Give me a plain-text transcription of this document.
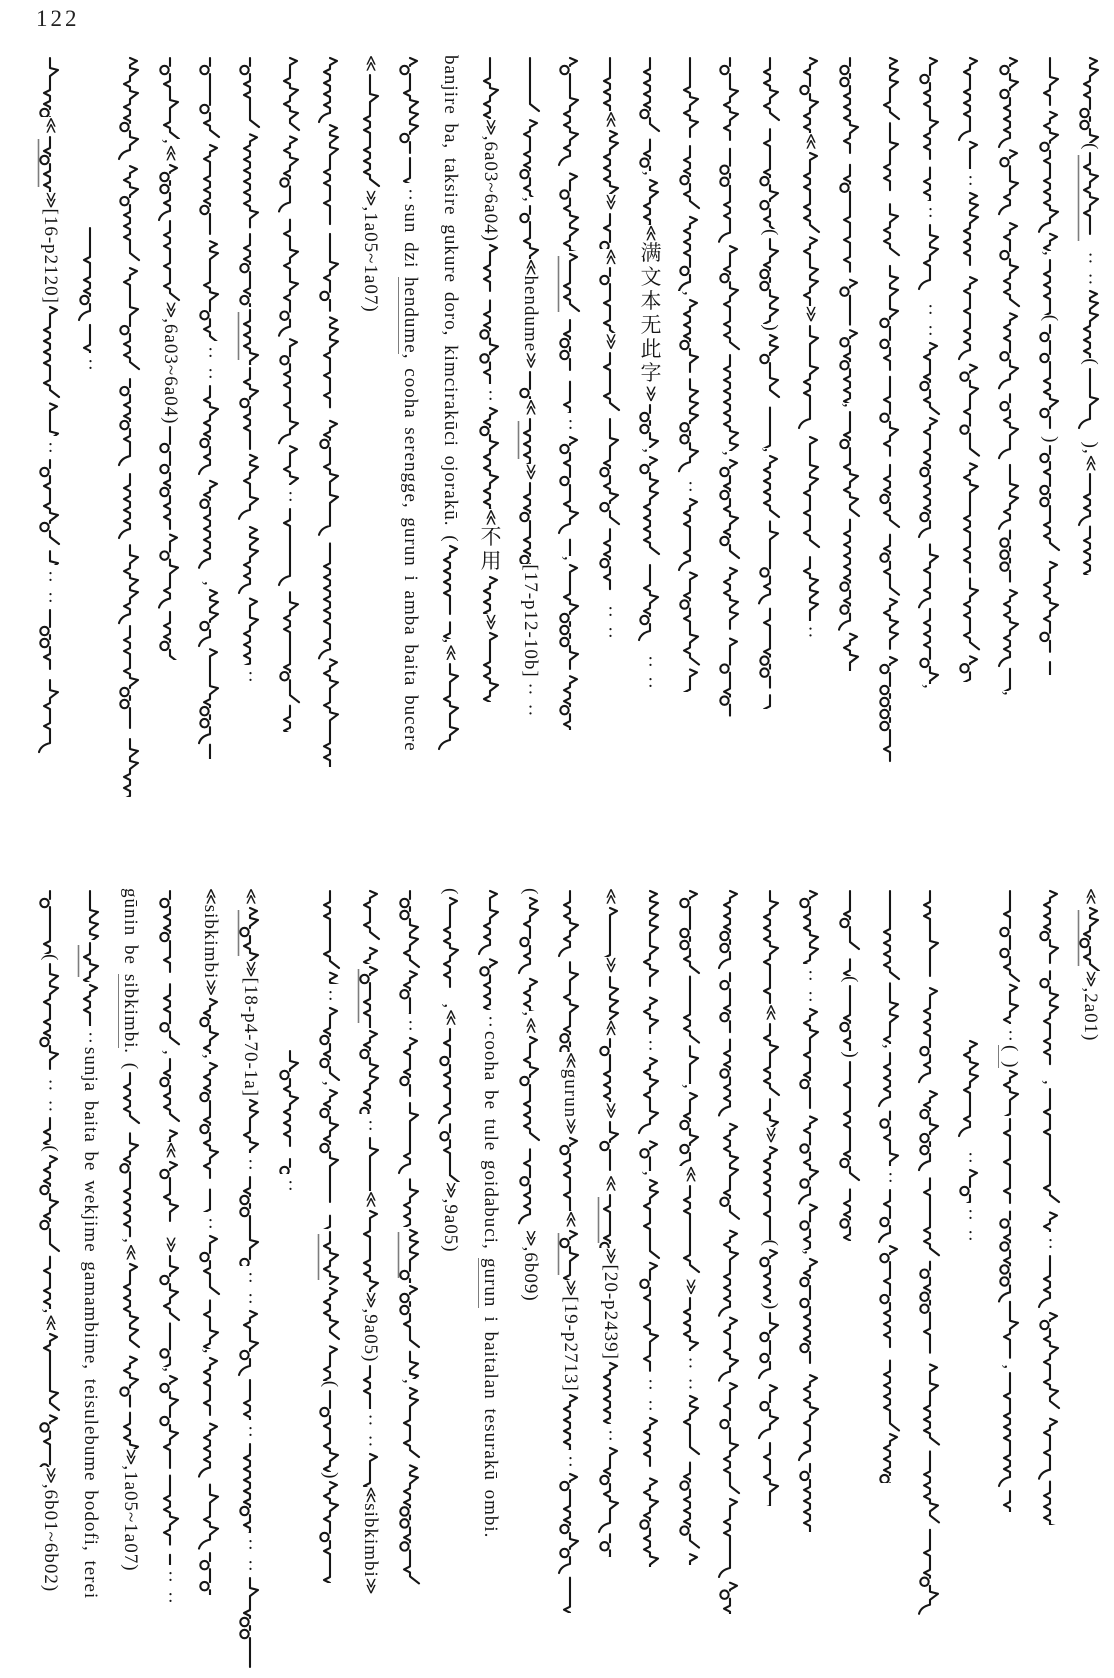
122
≪≫[16-p2120]:::
:
,≪≫,6a03~6a04)	::,
:
:
≪≫,1a05~1a07)
:sun dzi hendume, cooha serengge, gurun i amba baita bucere
banjire ba, taksire gukure doro, kimcirakūci ojorakū. (,≪
≫,6a03~6a04):≪不用≫
,≪hendume≫≪≫[17-p12-10b]::
:,
≪≫≪≫::
,≪满文本无此字≫,::
,:
,
(),
≪≫:
,
:::,
:
,
,()
(::(),≪
(::(,≪≫,6b01~6b02)
:sunja baita be wekjime gamambime, teisulebume bodofi, terei
gūnin be sibkimbi. (,≪≫,1a05~1a07)
,≪≫,::
≪sibkimbi≫,:,
≪≫[18-p4-70-1a]::::::
:
:,()
:≪≫,9a05)::≪sibkimbi≫
:,
(,≪≫,9a05)
:cooha be tule goidabuci, gurun i baitalan tesurakū ombi.
(,≪≫,6b09)
≪gurun≫≪≫[19-p2713]:
≪≫≪≫≪≫[20-p2439]:
:,::
,≪≫::
≪≫()
::,
()
,:
:::
:( ),
,:
≪≫,2a01)
